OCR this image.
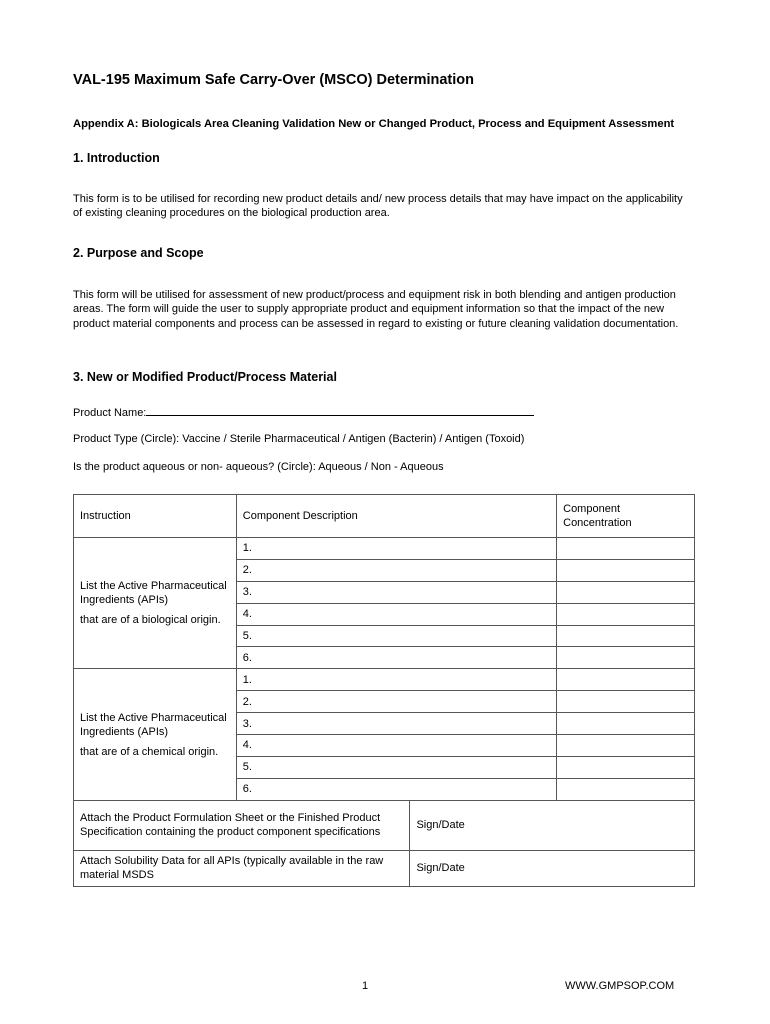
VAL-195 Maximum Safe Carry-Over (MSCO) Determination

Appendix A: Biologicals Area Cleaning Validation New or Changed Product, Process and Equipment Assessment

1. Introduction

This form is to be utilised for recording new product details and/ new process details that may have impact on the applicability of existing cleaning procedures on the biological production area.

2. Purpose and Scope

This form will be utilised for assessment of new product/process and equipment risk in both blending and antigen production areas. The form will guide the user to supply appropriate product and equipment information so that the impact of the new product material components and process can be assessed in regard to existing or future cleaning validation documentation.

3. New or Modified Product/Process Material

Product Name:

Product Type (Circle): Vaccine / Sterile Pharmaceutical / Antigen (Bacterin) / Antigen (Toxoid)

Is the product aqueous or non- aqueous? (Circle): Aqueous / Non - Aqueous

Instruction	Component Description		Component
Concentration

List the Active Pharmaceutical Ingredients (APIs)

that are of a biological origin.	1.		
	2.		
	3.		
	4.		
	5.		
	6.		

List the Active Pharmaceutical Ingredients (APIs)

that are of a chemical origin.	1.		
	2.		
	3.		
	4.		
	5.		
	6.		
Attach the Product Formulation Sheet or the Finished Product Specification containing the product component specifications		Sign/Date	
Attach Solubility Data for all APIs (typically available in the raw material MSDS		Sign/Date	
1	WWW.GMPSOP.COM
